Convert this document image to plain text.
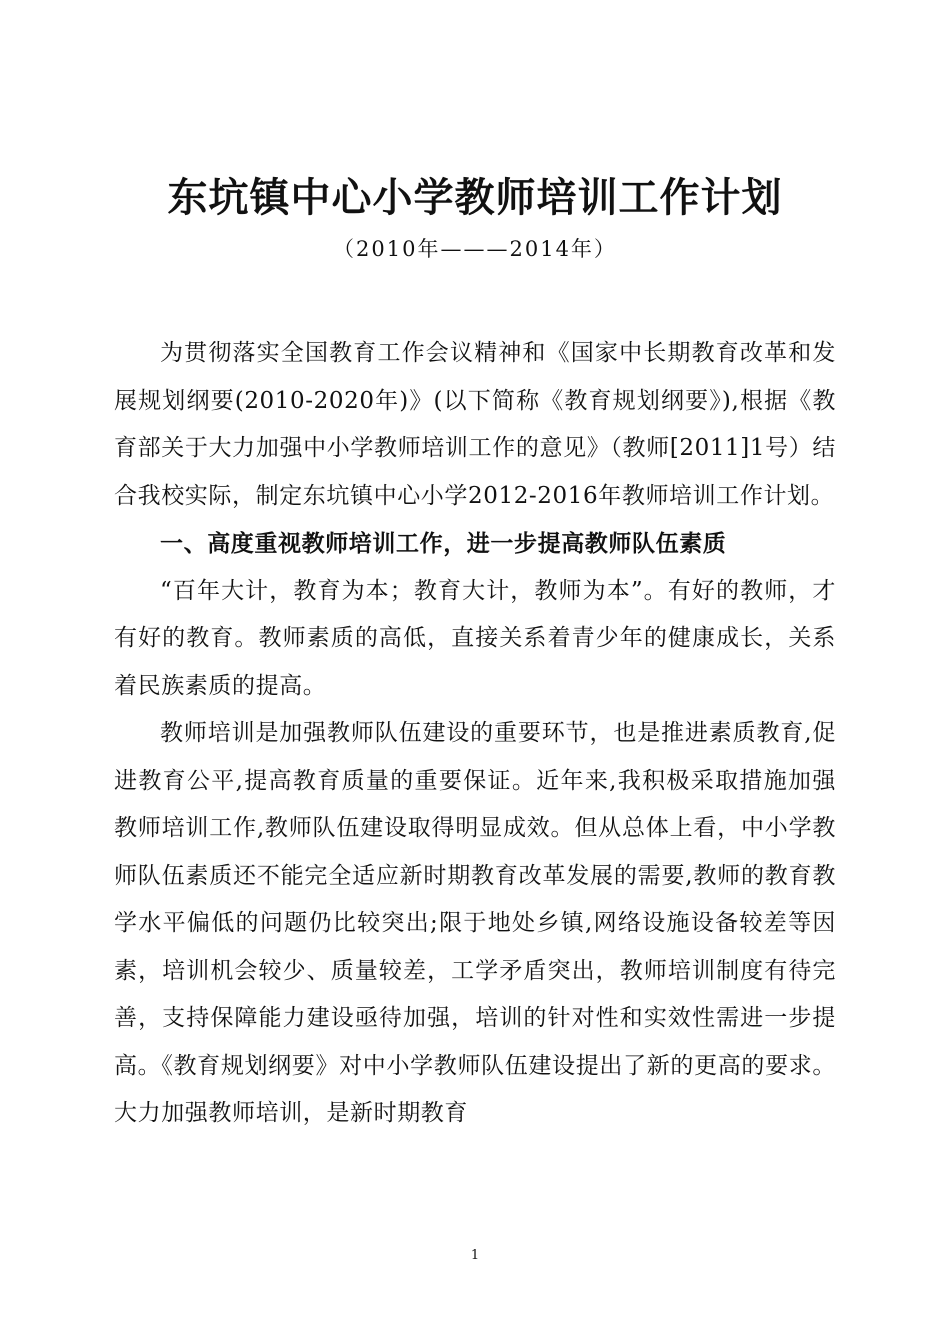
东坑镇中心小学教师培训工作计划

（2010年———2014年）

为贯彻落实全国教育工作会议精神和《国家中长期教育改革和发展规划纲要(2010-2020年)》(以下简称《教育规划纲要》),根据《教育部关于大力加强中小学教师培训工作的意见》（教师[2011]1号）结合我校实际，制定东坑镇中心小学2012-2016年教师培训工作计划。

一、高度重视教师培训工作，进一步提高教师队伍素质

“百年大计，教育为本；教育大计，教师为本”。有好的教师，才有好的教育。教师素质的高低，直接关系着青少年的健康成长，关系着民族素质的提高。

教师培训是加强教师队伍建设的重要环节，也是推进素质教育,促进教育公平,提高教育质量的重要保证。近年来,我积极采取措施加强教师培训工作,教师队伍建设取得明显成效。但从总体上看，中小学教师队伍素质还不能完全适应新时期教育改革发展的需要,教师的教育教学水平偏低的问题仍比较突出;限于地处乡镇,网络设施设备较差等因素，培训机会较少、质量较差，工学矛盾突出，教师培训制度有待完善，支持保障能力建设亟待加强，培训的针对性和实效性需进一步提高。《教育规划纲要》对中小学教师队伍建设提出了新的更高的要求。大力加强教师培训，是新时期教育

1
